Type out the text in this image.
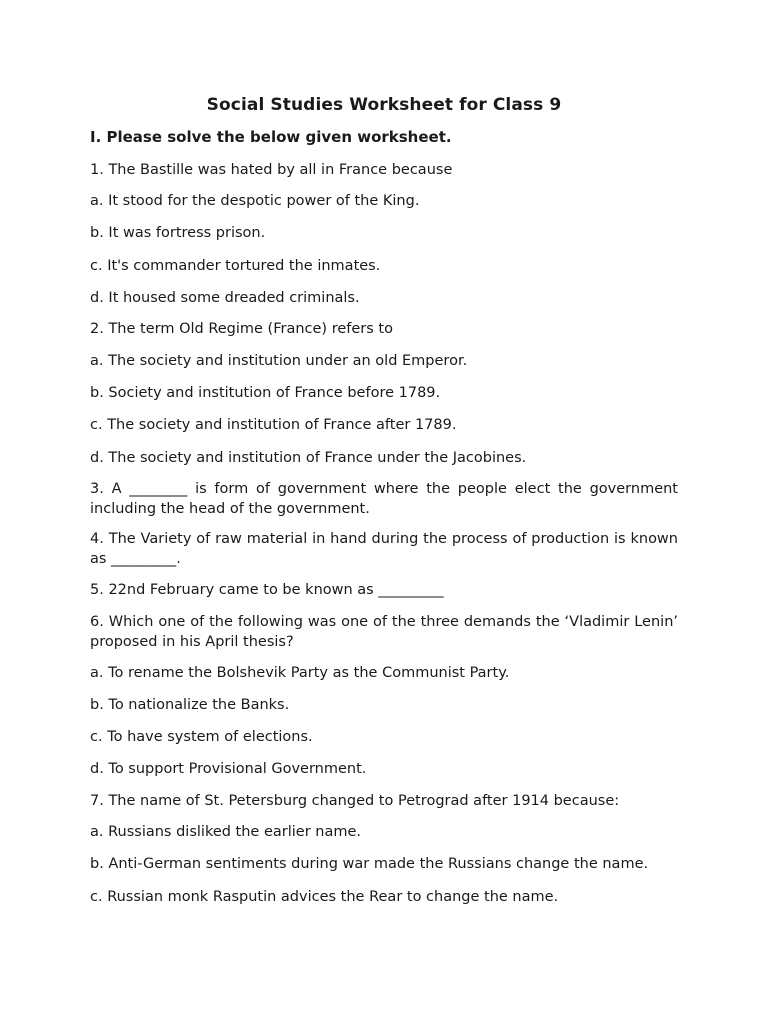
Social Studies Worksheet for Class 9
I. Please solve the below given worksheet.
1. The Bastille was hated by all in France because
a. It stood for the despotic power of the King.
b. It was fortress prison.
c. It's commander tortured the inmates.
d. It housed some dreaded criminals.
2. The term Old Regime (France) refers to
a. The society and institution under an old Emperor.
b. Society and institution of France before 1789.
c. The society and institution of France after 1789.
d. The society and institution of France under the Jacobines.
3. A ________ is form of government where the people elect the government including the head of the government.
4. The Variety of raw material in hand during the process of production is known as _________.
5. 22nd February came to be known as _________
6. Which one of the following was one of the three demands the ‘Vladimir Lenin’ proposed in his April thesis?
a. To rename the Bolshevik Party as the Communist Party.
b. To nationalize the Banks.
c. To have system of elections.
d. To support Provisional Government.
7. The name of St. Petersburg changed to Petrograd after 1914 because:
a. Russians disliked the earlier name.
b. Anti-German sentiments during war made the Russians change the name.
c. Russian monk Rasputin advices the Rear to change the name.
